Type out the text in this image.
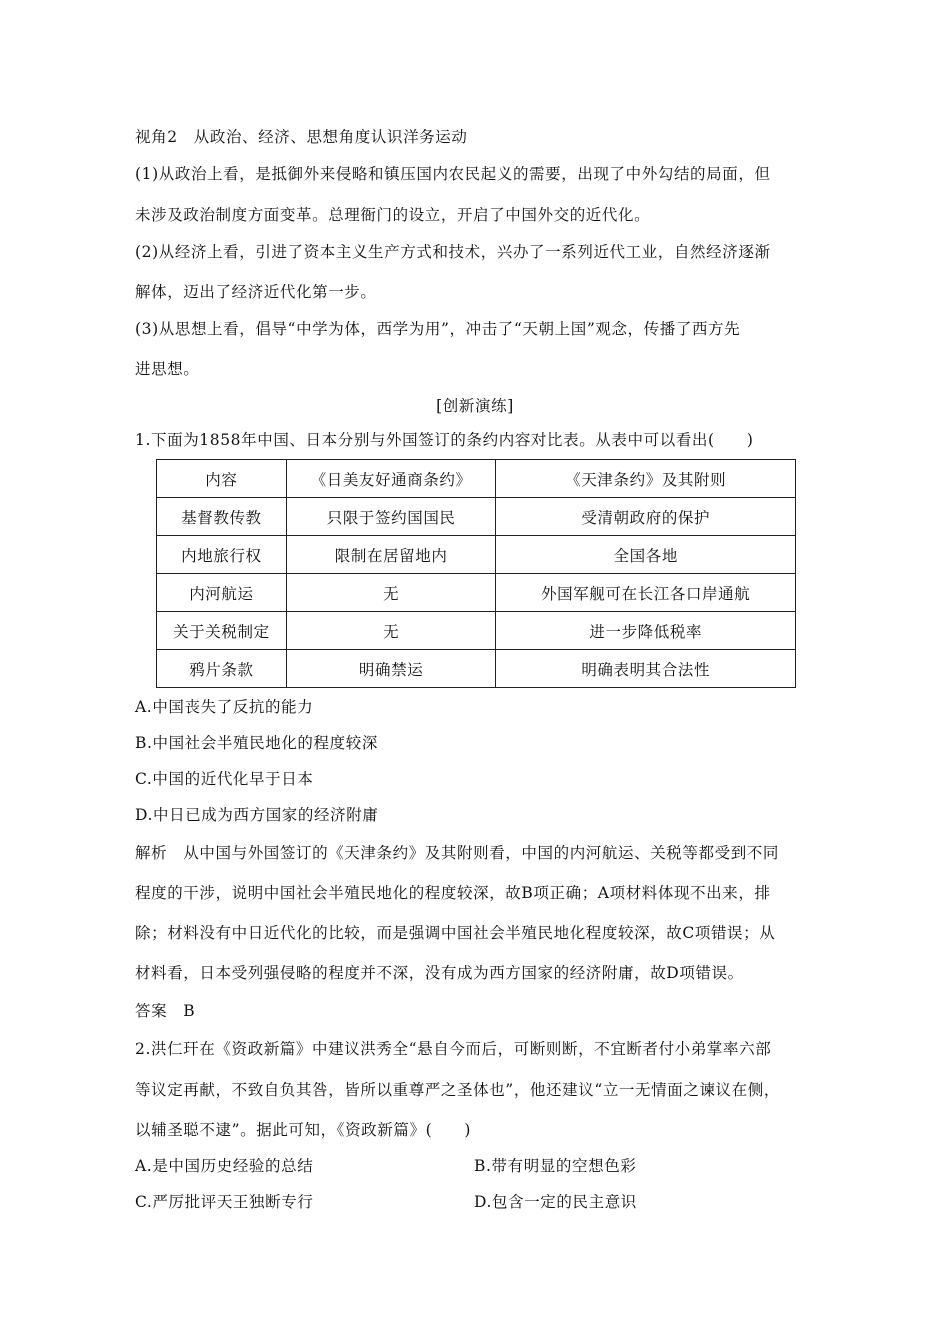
视角2　从政治、经济、思想角度认识洋务运动
(1)从政治上看，是抵御外来侵略和镇压国内农民起义的需要，出现了中外勾结的局面，但
未涉及政治制度方面变革。总理衙门的设立，开启了中国外交的近代化。
(2)从经济上看，引进了资本主义生产方式和技术，兴办了一系列近代工业，自然经济逐渐
解体，迈出了经济近代化第一步。
(3)从思想上看，倡导“中学为体，西学为用”，冲击了“天朝上国”观念，传播了西方先
进思想。
[创新演练]
1.下面为1858年中国、日本分别与外国签订的条约内容对比表。从表中可以看出(　　)
内容	《日美友好通商条约》	《天津条约》及其附则
基督教传教	只限于签约国国民	受清朝政府的保护
内地旅行权	限制在居留地内	全国各地
内河航运	无	外国军舰可在长江各口岸通航
关于关税制定	无	进一步降低税率
鸦片条款	明确禁运	明确表明其合法性
A.中国丧失了反抗的能力
B.中国社会半殖民地化的程度较深
C.中国的近代化早于日本
D.中日已成为西方国家的经济附庸
解析　从中国与外国签订的《天津条约》及其附则看，中国的内河航运、关税等都受到不同
程度的干涉，说明中国社会半殖民地化的程度较深，故B项正确；A项材料体现不出来，排
除；材料没有中日近代化的比较，而是强调中国社会半殖民地化程度较深，故C项错误；从
材料看，日本受列强侵略的程度并不深，没有成为西方国家的经济附庸，故D项错误。
答案　B
2.洪仁玕在《资政新篇》中建议洪秀全“悬自今而后，可断则断，不宜断者付小弟掌率六部
等议定再献，不致自负其咎，皆所以重尊严之圣体也”，他还建议“立一无情面之谏议在侧，
以辅圣聪不逮”。据此可知，《资政新篇》(　　)
A.是中国历史经验的总结	B.带有明显的空想色彩
C.严厉批评天王独断专行	D.包含一定的民主意识
